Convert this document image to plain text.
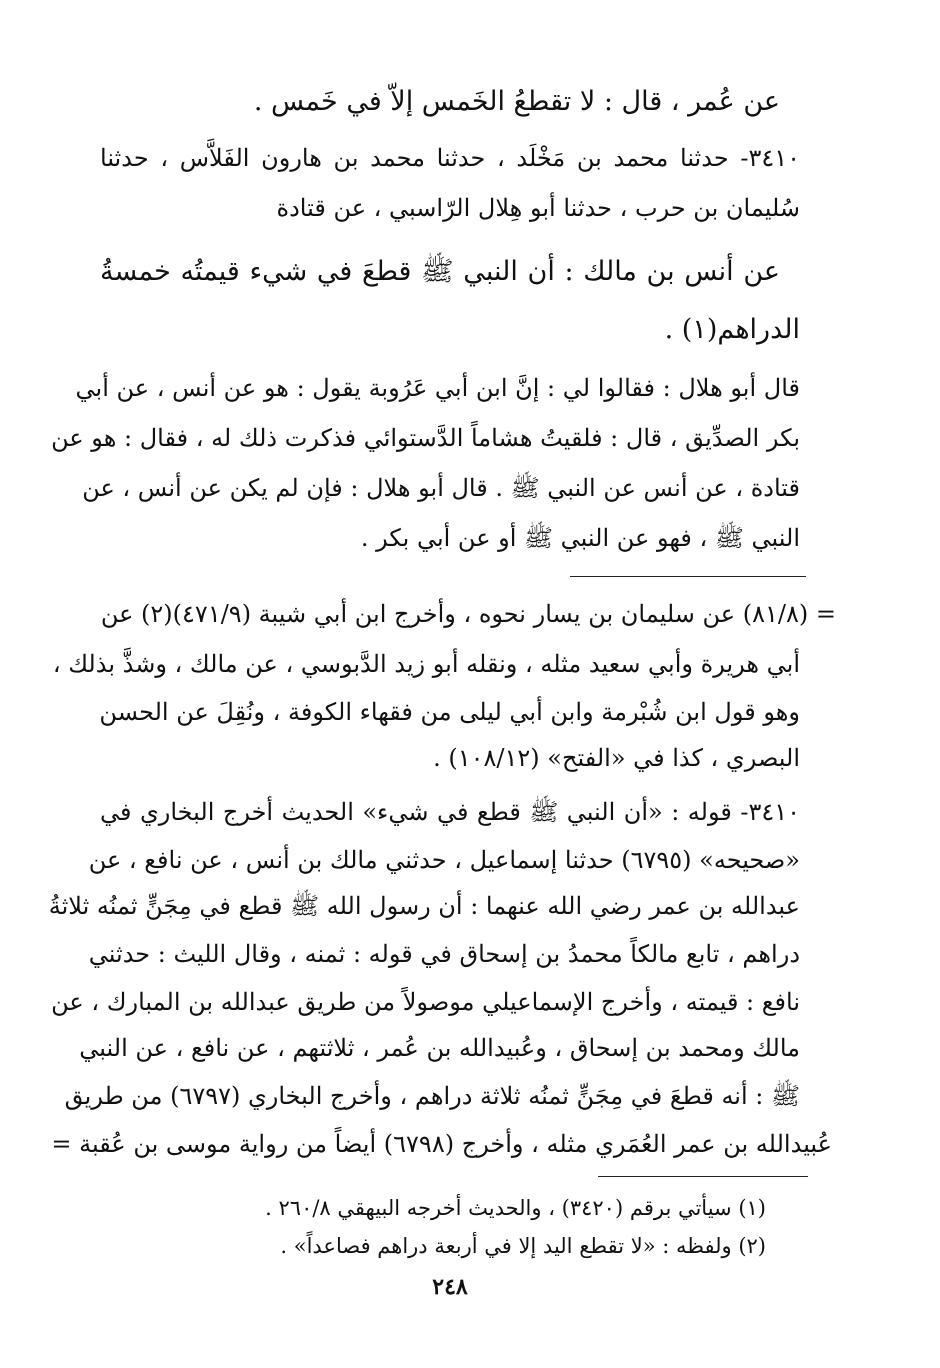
عن عُمر ، قال : لا تقطعُ الخَمس إلاّ في خَمس .
٣٤١٠- حدثنا محمد بن مَخْلَد ، حدثنا محمد بن هارون الفَلاَّس ، حدثنا
سُليمان بن حرب ، حدثنا أبو هِلال الرّاسبي ، عن قتادة
عن أنس بن مالك : أن النبي ﷺ قطعَ في شيء قيمتُه خمسةُ
الدراهم(١) .
قال أبو هلال : فقالوا لي : إنَّ ابن أبي عَرُوبة يقول : هو عن أنس ، عن أبي
بكر الصدِّيق ، قال : فلقيتُ هشاماً الدَّستوائي فذكرت ذلك له ، فقال : هو عن
قتادة ، عن أنس عن النبي ﷺ . قال أبو هلال : فإن لم يكن عن أنس ، عن
النبي ﷺ ، فهو عن النبي ﷺ أو عن أبي بكر .
= (٨١/٨) عن سليمان بن يسار نحوه ، وأخرج ابن أبي شيبة (٤٧١/٩)(٢) عن
أبي هريرة وأبي سعيد مثله ، ونقله أبو زيد الدَّبوسي ، عن مالك ، وشذَّ بذلك ،
وهو قول ابن شُبْرمة وابن أبي ليلى من فقهاء الكوفة ، ونُقِلَ عن الحسن
البصري ، كذا في «الفتح» (١٠٨/١٢) .
٣٤١٠- قوله : «أن النبي ﷺ قطع في شيء» الحديث أخرج البخاري في
«صحيحه» (٦٧٩٥) حدثنا إسماعيل ، حدثني مالك بن أنس ، عن نافع ، عن
عبدالله بن عمر رضي الله عنهما : أن رسول الله ﷺ قطع في مِجَنٍّ ثمنُه ثلاثةُ
دراهم ، تابع مالكاً محمدُ بن إسحاق في قوله : ثمنه ، وقال الليث : حدثني
نافع : قيمته ، وأخرج الإسماعيلي موصولاً من طريق عبدالله بن المبارك ، عن
مالك ومحمد بن إسحاق ، وعُبيدالله بن عُمر ، ثلاثتهم ، عن نافع ، عن النبي
ﷺ : أنه قطعَ في مِجَنٍّ ثمنُه ثلاثة دراهم ، وأخرج البخاري (٦٧٩٧) من طريق
عُبيدالله بن عمر العُمَري مثله ، وأخرج (٦٧٩٨) أيضاً من رواية موسى بن عُقبة =
(١) سيأتي برقم (٣٤٢٠) ، والحديث أخرجه البيهقي ٢٦٠/٨ .
(٢) ولفظه : «لا تقطع اليد إلا في أربعة دراهم فصاعداً» .
٢٤٨
